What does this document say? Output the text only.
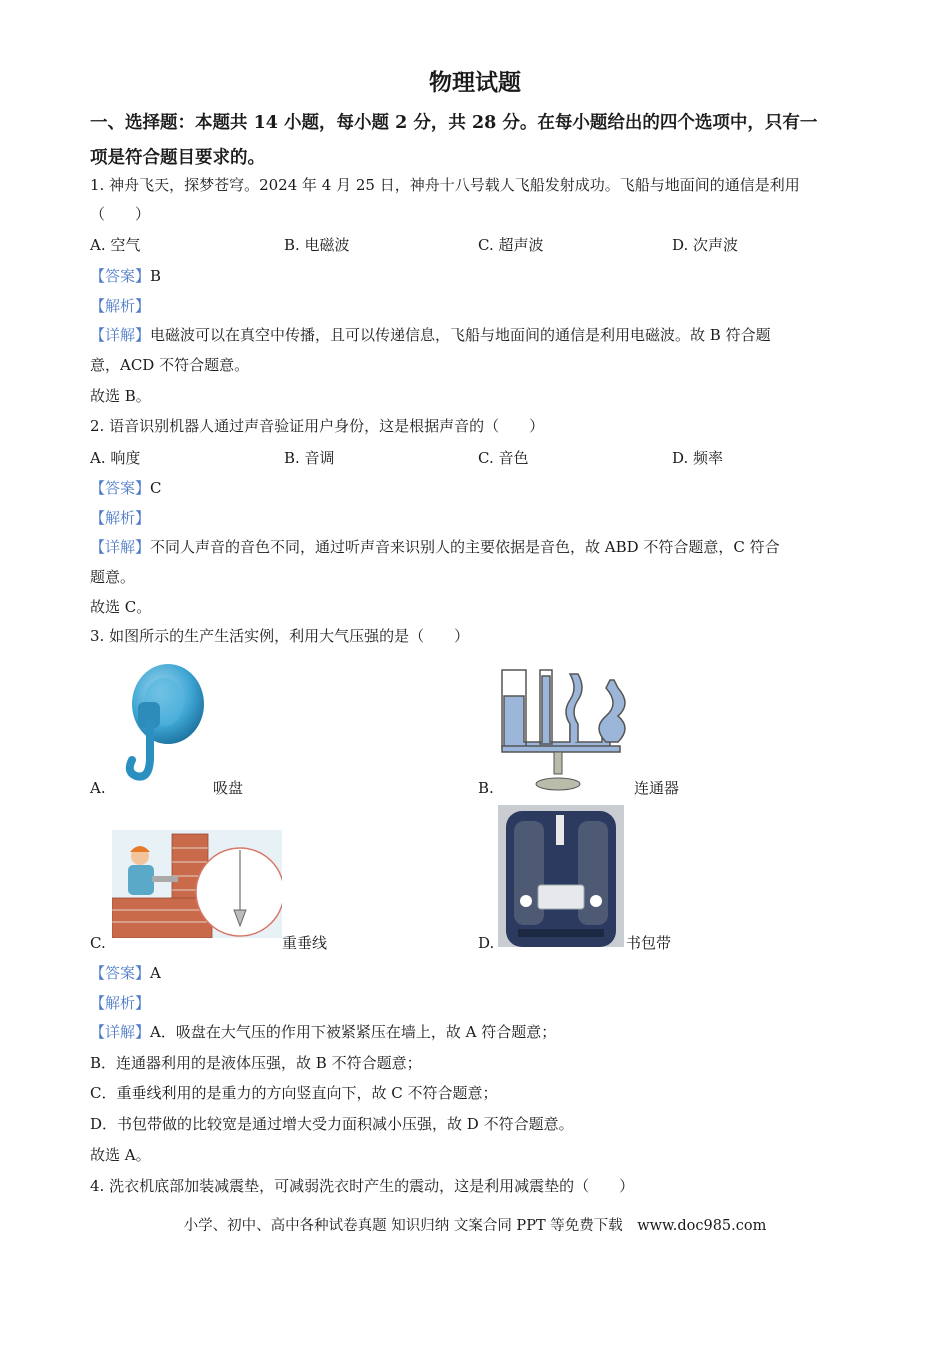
物理试题
一、选择题：本题共 14 小题，每小题 2 分，共 28 分。在每小题给出的四个选项中，只有一
项是符合题目要求的。
1. 神舟飞天，探梦苍穹。2024 年 4 月 25 日，神舟十八号载人飞船发射成功。飞船与地面间的通信是利用
（　　）
A. 空气	B. 电磁波	C. 超声波	D. 次声波
【答案】B
【解析】
【详解】电磁波可以在真空中传播，且可以传递信息，飞船与地面间的通信是利用电磁波。故 B 符合题
意，ACD 不符合题意。
故选 B。
2. 语音识别机器人通过声音验证用户身份，这是根据声音的（　　）
A. 响度	B. 音调	C. 音色	D. 频率
【答案】C
【解析】
【详解】不同人声音的音色不同，通过听声音来识别人的主要依据是音色，故 ABD 不符合题意，C 符合
题意。
故选 C。
3. 如图所示的生产生活实例，利用大气压强的是（　　）
A.	吸盘	B.	连通器
C.	重垂线	D.	书包带
【答案】A
【解析】
【详解】A．吸盘在大气压的作用下被紧紧压在墙上，故 A 符合题意；
B．连通器利用的是液体压强，故 B 不符合题意；
C．重垂线利用的是重力的方向竖直向下，故 C 不符合题意；
D．书包带做的比较宽是通过增大受力面积减小压强，故 D 不符合题意。
故选 A。
4. 洗衣机底部加装减震垫，可减弱洗衣时产生的震动，这是利用减震垫的（　　）
小学、初中、高中各种试卷真题 知识归纳 文案合同 PPT 等免费下载　www.doc985.com
